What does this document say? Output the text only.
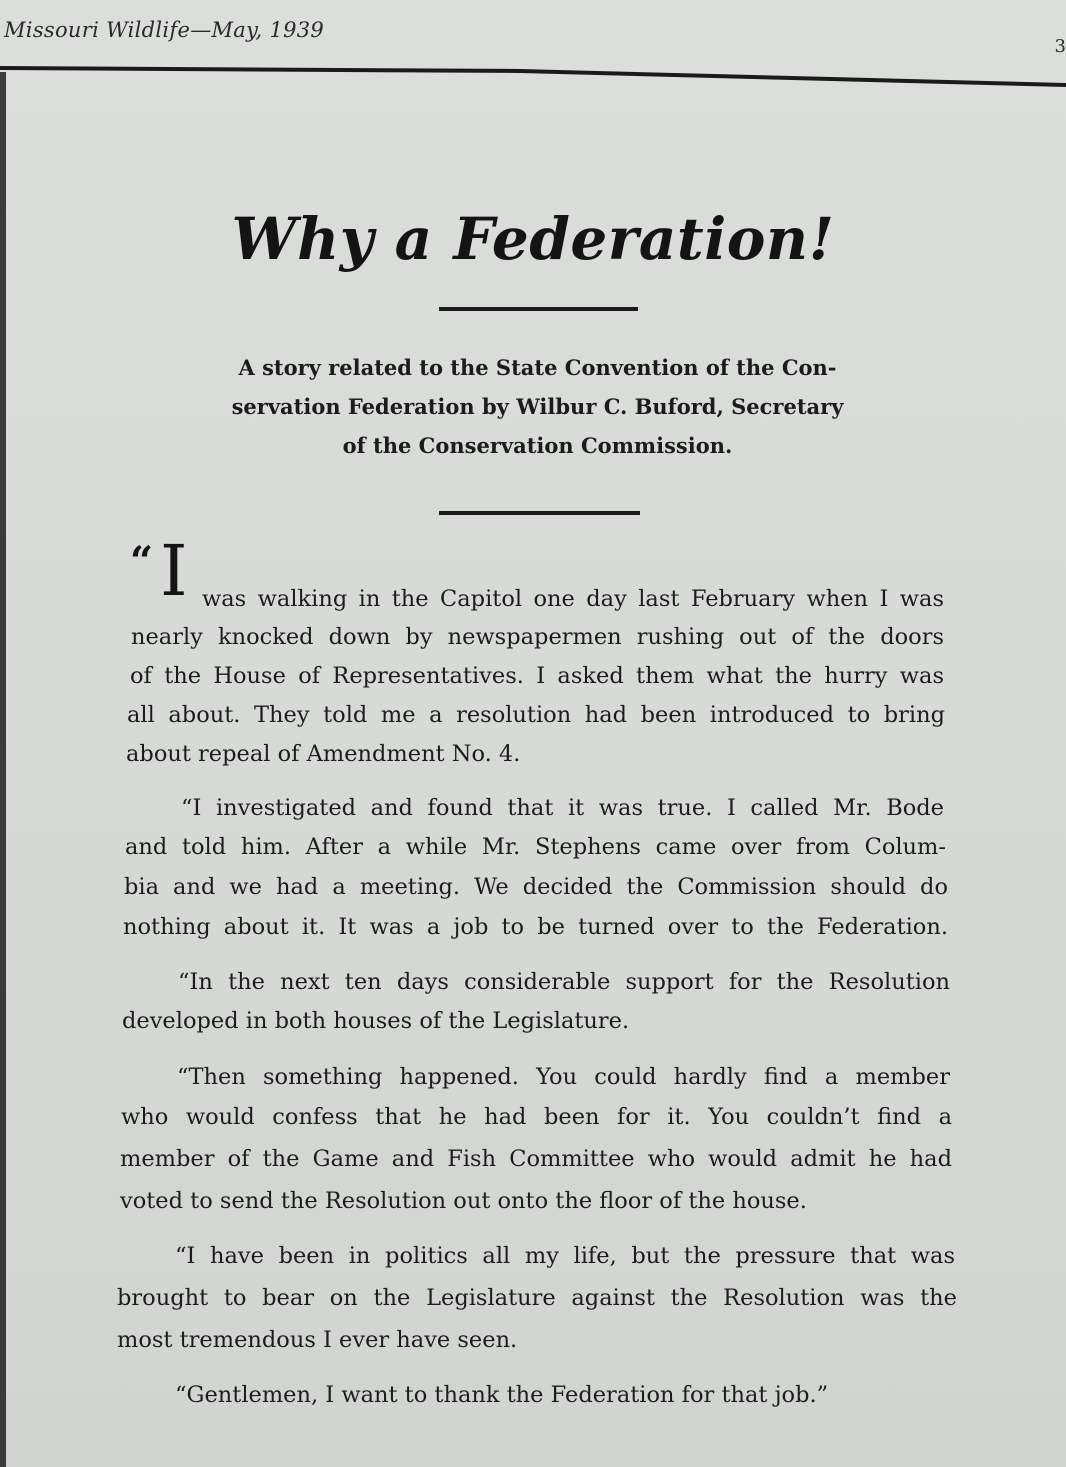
Missouri Wildlife—May, 1939
3
Why a Federation!
A story related to the State Convention of the Con-
servation Federation by Wilbur C. Buford, Secretary
of the Conservation Commission.
“ I was walking in the Capitol one day last February when I was
nearly knocked down by newspapermen rushing out of the doors
of the House of Representatives. I asked them what the hurry was
all about. They told me a resolution had been introduced to bring
about repeal of Amendment No. 4.
“I investigated and found that it was true. I called Mr. Bode
and told him. After a while Mr. Stephens came over from Colum-
bia and we had a meeting. We decided the Commission should do
nothing about it. It was a job to be turned over to the Federation.
“In the next ten days considerable support for the Resolution
developed in both houses of the Legislature.
“Then something happened. You could hardly find a member
who would confess that he had been for it. You couldn’t find a
member of the Game and Fish Committee who would admit he had
voted to send the Resolution out onto the floor of the house.
“I have been in politics all my life, but the pressure that was
brought to bear on the Legislature against the Resolution was the
most tremendous I ever have seen.
“Gentlemen, I want to thank the Federation for that job.”
